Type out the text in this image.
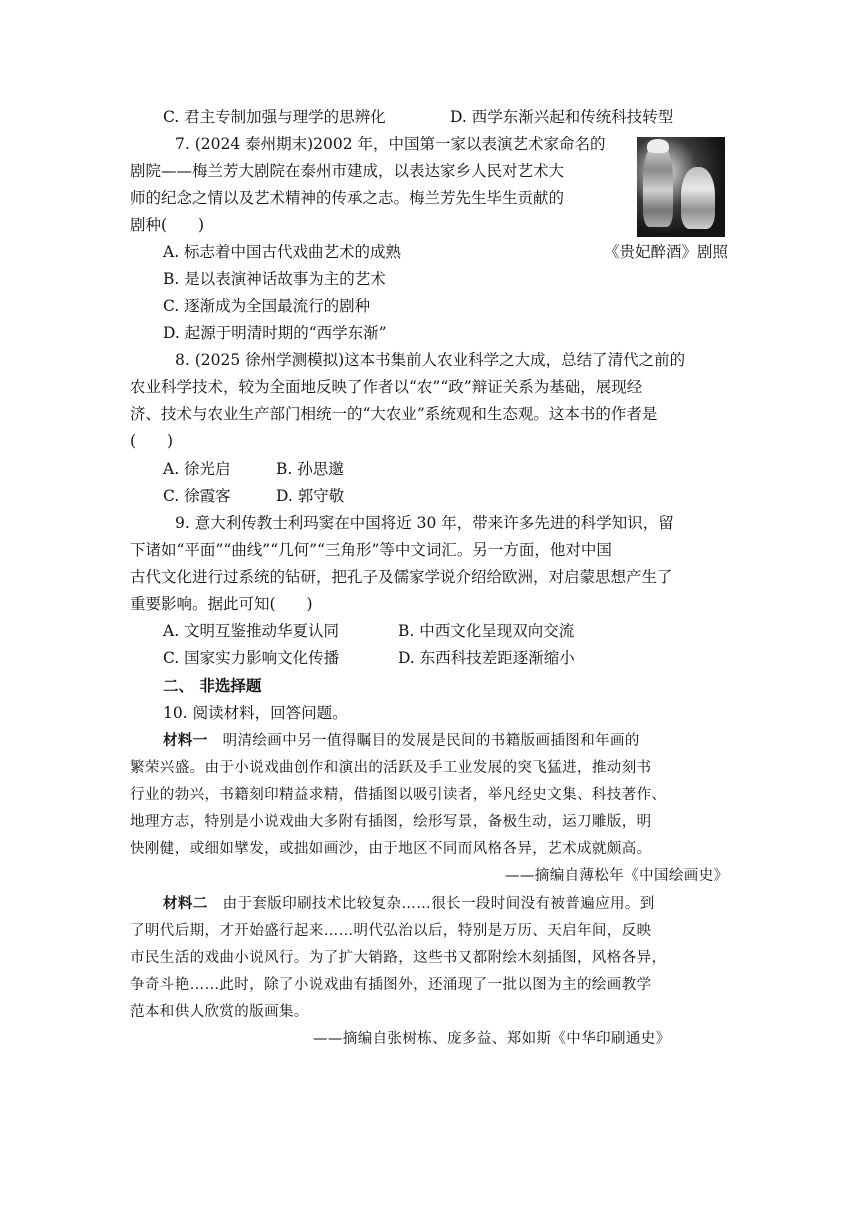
C. 君主专制加强与理学的思辨化	D. 西学东渐兴起和传统科技转型
7. (2024 泰州期末)2002 年，中国第一家以表演艺术家命名的
剧院——梅兰芳大剧院在泰州市建成，以表达家乡人民对艺术大
师的纪念之情以及艺术精神的传承之志。梅兰芳先生毕生贡献的
剧种(　　)
《贵妃醉酒》剧照
A. 标志着中国古代戏曲艺术的成熟
B. 是以表演神话故事为主的艺术
C. 逐渐成为全国最流行的剧种
D. 起源于明清时期的“西学东渐”
8. (2025 徐州学测模拟)这本书集前人农业科学之大成，总结了清代之前的
农业科学技术，较为全面地反映了作者以“农”“政”辩证关系为基础，展现经
济、技术与农业生产部门相统一的“大农业”系统观和生态观。这本书的作者是
(　　)
A. 徐光启	B. 孙思邈
C. 徐霞客	D. 郭守敬
9. 意大利传教士利玛窦在中国将近 30 年，带来许多先进的科学知识，留
下诸如“平面”“曲线”“几何”“三角形”等中文词汇。另一方面，他对中国
古代文化进行过系统的钻研，把孔子及儒家学说介绍给欧洲，对启蒙思想产生了
重要影响。据此可知(　　)
A. 文明互鉴推动华夏认同	B. 中西文化呈现双向交流
C. 国家实力影响文化传播	D. 东西科技差距逐渐缩小
二、 非选择题
10. 阅读材料，回答问题。
材料一　明清绘画中另一值得瞩目的发展是民间的书籍版画插图和年画的
繁荣兴盛。由于小说戏曲创作和演出的活跃及手工业发展的突飞猛进，推动刻书
行业的勃兴，书籍刻印精益求精，借插图以吸引读者，举凡经史文集、科技著作、
地理方志，特别是小说戏曲大多附有插图，绘形写景，备极生动，运刀雕版，明
快刚健，或细如擘发，或拙如画沙，由于地区不同而风格各异，艺术成就颇高。
——摘编自薄松年《中国绘画史》
材料二　由于套版印刷技术比较复杂……很长一段时间没有被普遍应用。到
了明代后期，才开始盛行起来……明代弘治以后，特别是万历、天启年间，反映
市民生活的戏曲小说风行。为了扩大销路，这些书又都附绘木刻插图，风格各异，
争奇斗艳……此时，除了小说戏曲有插图外，还涌现了一批以图为主的绘画教学
范本和供人欣赏的版画集。
——摘编自张树栋、庞多益、郑如斯《中华印刷通史》
